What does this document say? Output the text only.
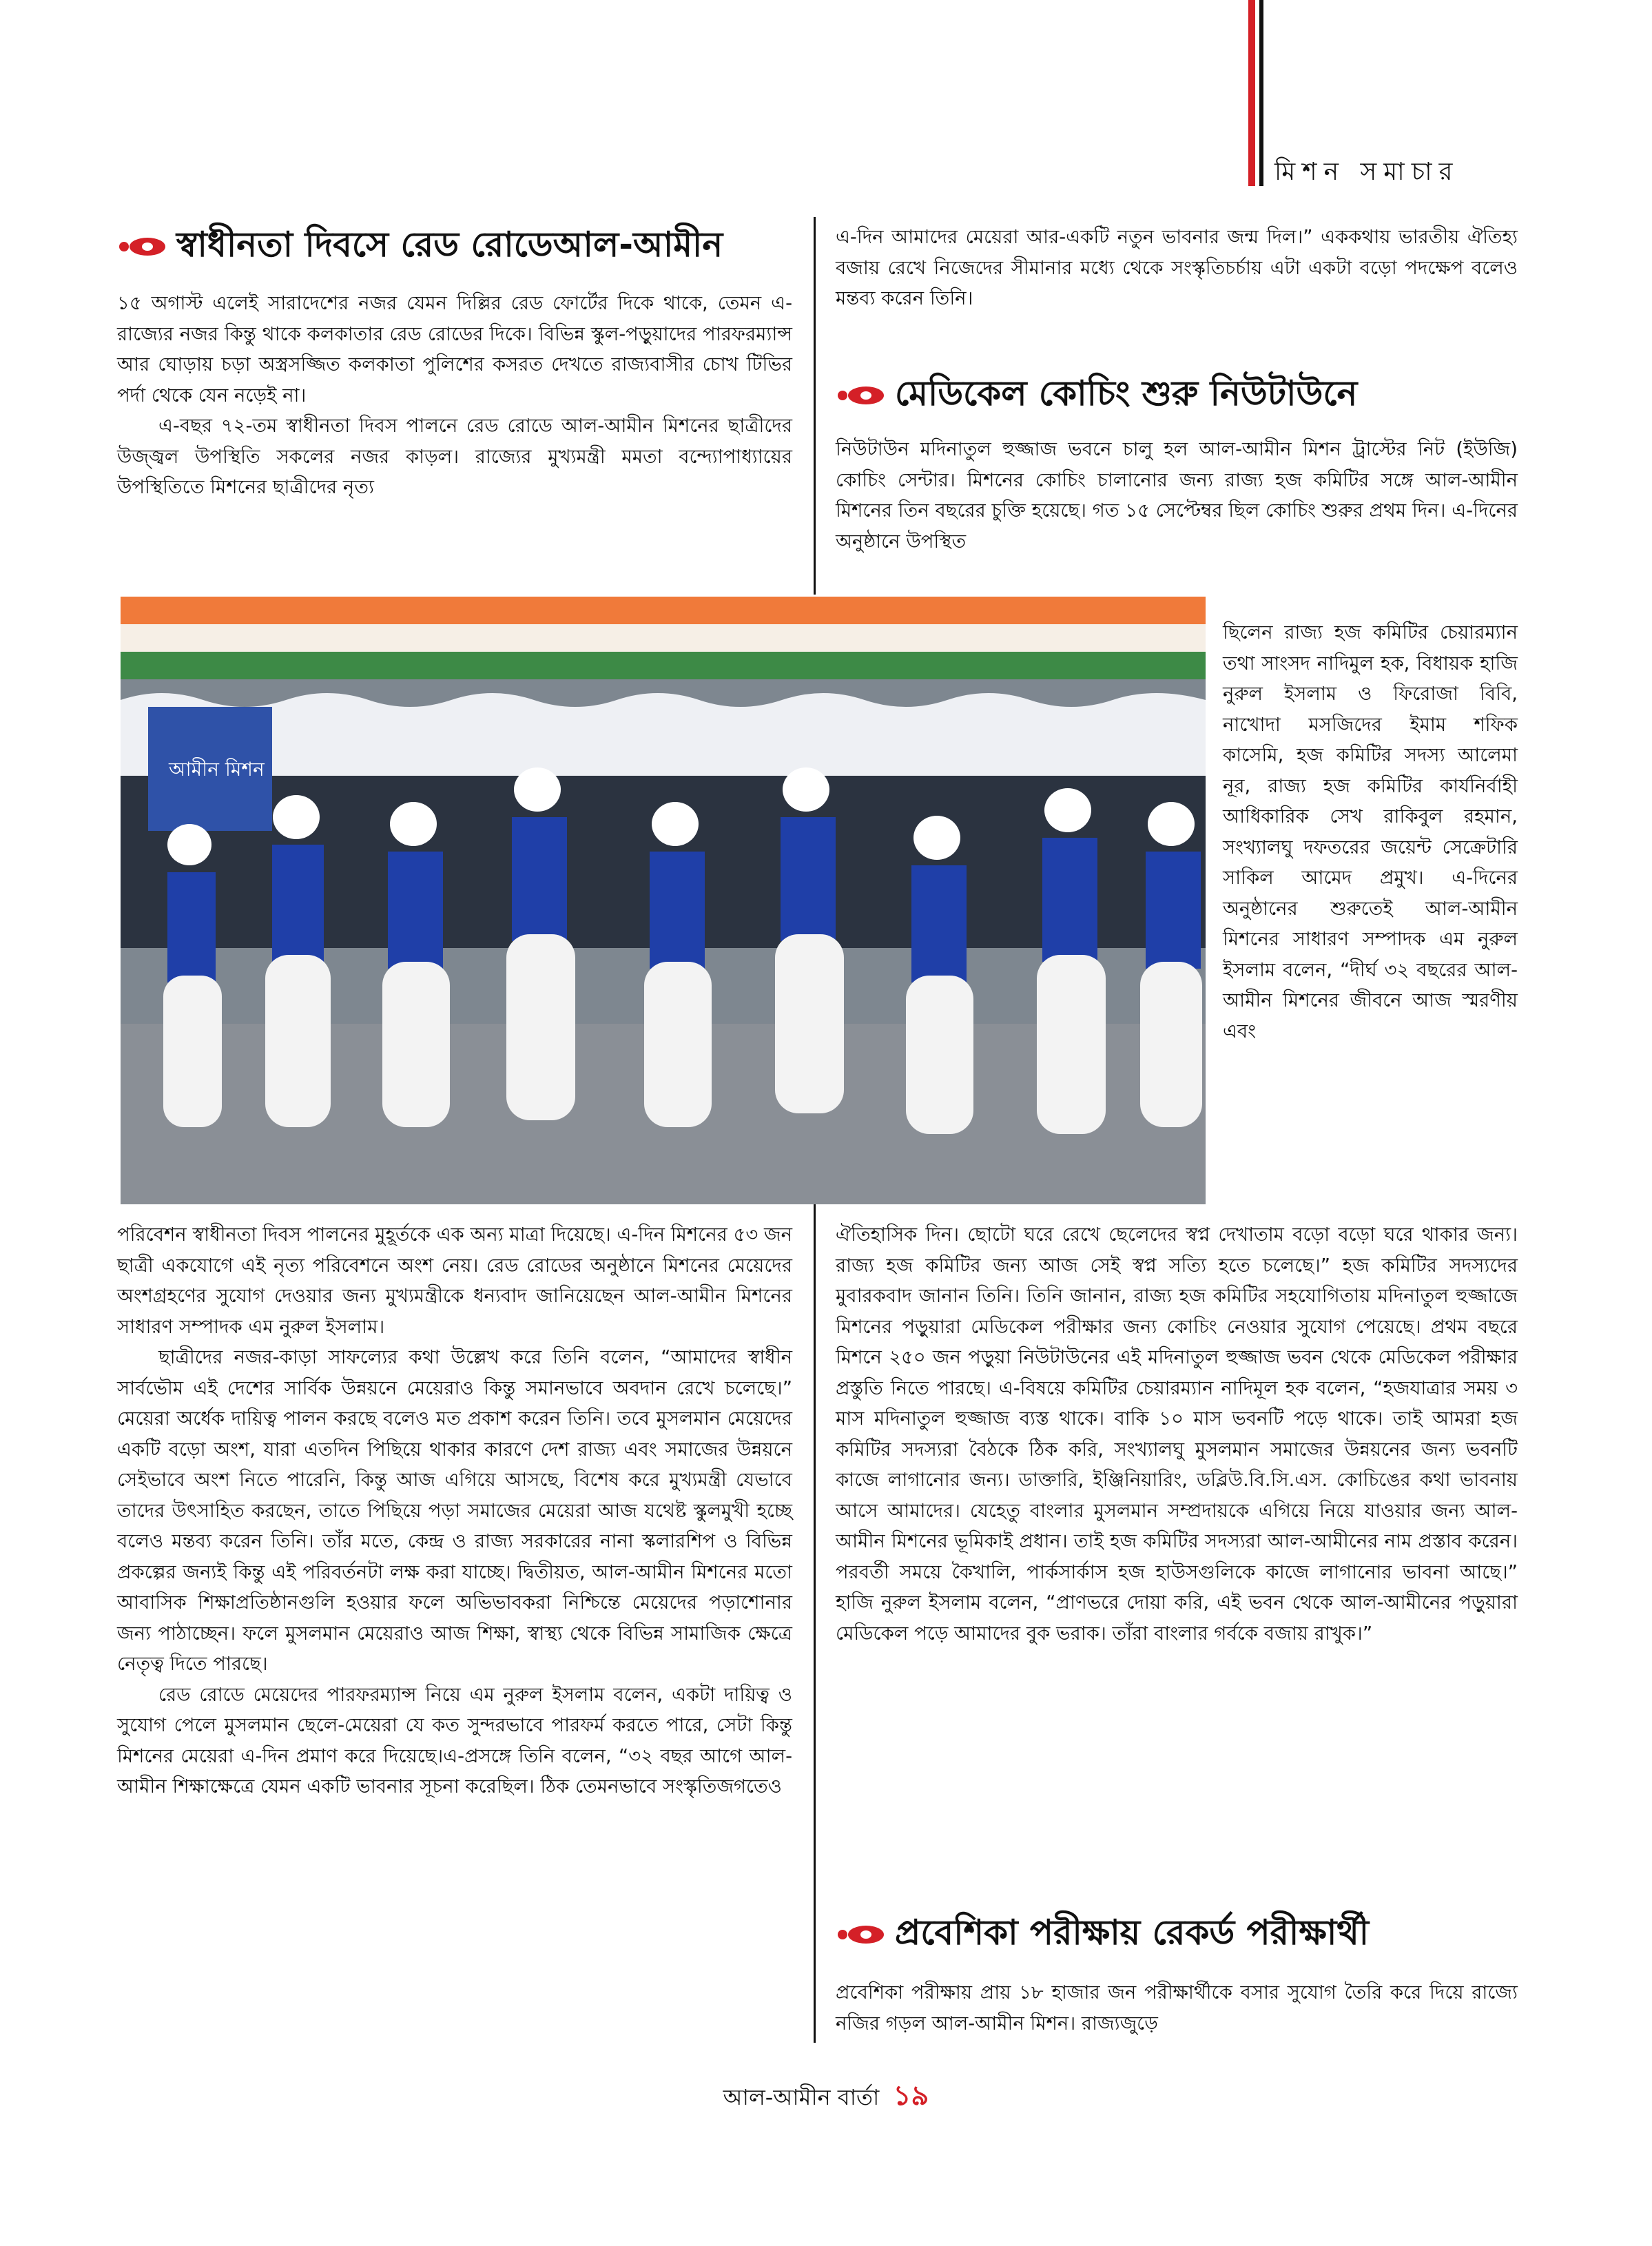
মিশন সমাচার
স্বাধীনতা দিবসে রেড রোডেআল-আমীন

১৫ অগাস্ট এলেই সারাদেশের নজর যেমন দিল্লির রেড ফোর্টের দিকে থাকে, তেমন এ-রাজ্যের নজর কিন্তু থাকে কলকাতার রেড রোডের দিকে। বিভিন্ন স্কুল-পড়ুয়াদের পারফরম্যান্স আর ঘোড়ায় চড়া অস্ত্রসজ্জিত কলকাতা পুলিশের কসরত দেখতে রাজ্যবাসীর চোখ টিভির পর্দা থেকে যেন নড়েই না।

এ-বছর ৭২-তম স্বাধীনতা দিবস পালনে রেড রোডে আল-আমীন মিশনের ছাত্রীদের উজ্জ্বল উপস্থিতি সকলের নজর কাড়ল। রাজ্যের মুখ্যমন্ত্রী মমতা বন্দ্যোপাধ্যায়ের উপস্থিতিতে মিশনের ছাত্রীদের নৃত্য

আমীন মিশন

পরিবেশন স্বাধীনতা দিবস পালনের মুহূর্তকে এক অন্য মাত্রা দিয়েছে। এ-দিন মিশনের ৫৩ জন ছাত্রী একযোগে এই নৃত্য পরিবেশনে অংশ নেয়। রেড রোডের অনুষ্ঠানে মিশনের মেয়েদের অংশগ্রহণের সুযোগ দেওয়ার জন্য মুখ্যমন্ত্রীকে ধন্যবাদ জানিয়েছেন আল-আমীন মিশনের সাধারণ সম্পাদক এম নুরুল ইসলাম।

ছাত্রীদের নজর-কাড়া সাফল্যের কথা উল্লেখ করে তিনি বলেন, “আমাদের স্বাধীন সার্বভৌম এই দেশের সার্বিক উন্নয়নে মেয়েরাও কিন্তু সমানভাবে অবদান রেখে চলেছে।” মেয়েরা অর্ধেক দায়িত্ব পালন করছে বলেও মত প্রকাশ করেন তিনি। তবে মুসলমান মেয়েদের একটি বড়ো অংশ, যারা এতদিন পিছিয়ে থাকার কারণে দেশ রাজ্য এবং সমাজের উন্নয়নে সেইভাবে অংশ নিতে পারেনি, কিন্তু আজ এগিয়ে আসছে, বিশেষ করে মুখ্যমন্ত্রী যেভাবে তাদের উৎসাহিত করছেন, তাতে পিছিয়ে পড়া সমাজের মেয়েরা আজ যথেষ্ট স্কুলমুখী হচ্ছে বলেও মন্তব্য করেন তিনি। তাঁর মতে, কেন্দ্র ও রাজ্য সরকারের নানা স্কলারশিপ ও বিভিন্ন প্রকল্পের জন্যই কিন্তু এই পরিবর্তনটা লক্ষ করা যাচ্ছে। দ্বিতীয়ত, আল-আমীন মিশনের মতো আবাসিক শিক্ষাপ্রতিষ্ঠানগুলি হওয়ার ফলে অভিভাবকরা নিশ্চিন্তে মেয়েদের পড়াশোনার জন্য পাঠাচ্ছেন। ফলে মুসলমান মেয়েরাও আজ শিক্ষা, স্বাস্থ্য থেকে বিভিন্ন সামাজিক ক্ষেত্রে নেতৃত্ব দিতে পারছে।

রেড রোডে মেয়েদের পারফরম্যান্স নিয়ে এম নুরুল ইসলাম বলেন, একটা দায়িত্ব ও সুযোগ পেলে মুসলমান ছেলে-মেয়েরা যে কত সুন্দরভাবে পারফর্ম করতে পারে, সেটা কিন্তু মিশনের মেয়েরা এ-দিন প্রমাণ করে দিয়েছে।এ-প্রসঙ্গে তিনি বলেন, “৩২ বছর আগে আল-আমীন শিক্ষাক্ষেত্রে যেমন একটি ভাবনার সূচনা করেছিল। ঠিক তেমনভাবে সংস্কৃতিজগতেও

এ-দিন আমাদের মেয়েরা আর-একটি নতুন ভাবনার জন্ম দিল।” এককথায় ভারতীয় ঐতিহ্য বজায় রেখে নিজেদের সীমানার মধ্যে থেকে সংস্কৃতিচর্চায় এটা একটা বড়ো পদক্ষেপ বলেও মন্তব্য করেন তিনি।

মেডিকেল কোচিং শুরু নিউটাউনে

নিউটাউন মদিনাতুল হুজ্জাজ ভবনে চালু হল আল-আমীন মিশন ট্রাস্টের নিট (ইউজি) কোচিং সেন্টার। মিশনের কোচিং চালানোর জন্য রাজ্য হজ কমিটির সঙ্গে আল-আমীন মিশনের তিন বছরের চুক্তি হয়েছে। গত ১৫ সেপ্টেম্বর ছিল কোচিং শুরুর প্রথম দিন। এ-দিনের অনুষ্ঠানে উপস্থিত

ছিলেন রাজ্য হজ কমিটির চেয়ারম্যান তথা সাংসদ নাদিমুল হক, বিধায়ক হাজি নুরুল ইসলাম ও ফিরোজা বিবি, নাখোদা মসজিদের ইমাম শফিক কাসেমি, হজ কমিটির সদস্য আলেমা নূর, রাজ্য হজ কমিটির কার্যনির্বাহী আধিকারিক সেখ রাকিবুল রহমান, সংখ্যালঘু দফতরের জয়েন্ট সেক্রেটারি সাকিল আমেদ প্রমুখ। এ-দিনের অনুষ্ঠানের শুরুতেই আল-আমীন মিশনের সাধারণ সম্পাদক এম নুরুল ইসলাম বলেন, “দীর্ঘ ৩২ বছরের আল-আমীন মিশনের জীবনে আজ স্মরণীয় এবং

ঐতিহাসিক দিন। ছোটো ঘরে রেখে ছেলেদের স্বপ্ন দেখাতাম বড়ো বড়ো ঘরে থাকার জন্য। রাজ্য হজ কমিটির জন্য আজ সেই স্বপ্ন সত্যি হতে চলেছে।” হজ কমিটির সদস্যদের মুবারকবাদ জানান তিনি। তিনি জানান, রাজ্য হজ কমিটির সহযোগিতায় মদিনাতুল হুজ্জাজে মিশনের পড়ুয়ারা মেডিকেল পরীক্ষার জন্য কোচিং নেওয়ার সুযোগ পেয়েছে। প্রথম বছরে মিশনে ২৫০ জন পড়ুয়া নিউটাউনের এই মদিনাতুল হুজ্জাজ ভবন থেকে মেডিকেল পরীক্ষার প্রস্তুতি নিতে পারছে। এ-বিষয়ে কমিটির চেয়ারম্যান নাদিমূল হক বলেন, “হজযাত্রার সময় ৩ মাস মদিনাতুল হুজ্জাজ ব্যস্ত থাকে। বাকি ১০ মাস ভবনটি পড়ে থাকে। তাই আমরা হজ কমিটির সদস্যরা বৈঠকে ঠিক করি, সংখ্যালঘু মুসলমান সমাজের উন্নয়নের জন্য ভবনটি কাজে লাগানোর জন্য। ডাক্তারি, ইঞ্জিনিয়ারিং, ডব্লিউ.বি.সি.এস. কোচিঙের কথা ভাবনায় আসে আমাদের। যেহেতু বাংলার মুসলমান সম্প্রদায়কে এগিয়ে নিয়ে যাওয়ার জন্য আল-আমীন মিশনের ভূমিকাই প্রধান। তাই হজ কমিটির সদস্যরা আল-আমীনের নাম প্রস্তাব করেন। পরবর্তী সময়ে কৈখালি, পার্কসার্কাস হজ হাউসগুলিকে কাজে লাগানোর ভাবনা আছে।” হাজি নুরুল ইসলাম বলেন, “প্রাণভরে দোয়া করি, এই ভবন থেকে আল-আমীনের পড়ুয়ারা মেডিকেল পড়ে আমাদের বুক ভরাক। তাঁরা বাংলার গর্বকে বজায় রাখুক।”

প্রবেশিকা পরীক্ষায় রেকর্ড পরীক্ষার্থী

প্রবেশিকা পরীক্ষায় প্রায় ১৮ হাজার জন পরীক্ষার্থীকে বসার সুযোগ তৈরি করে দিয়ে রাজ্যে নজির গড়ল আল-আমীন মিশন। রাজ্যজুড়ে

আল-আমীন বার্তা ১৯
